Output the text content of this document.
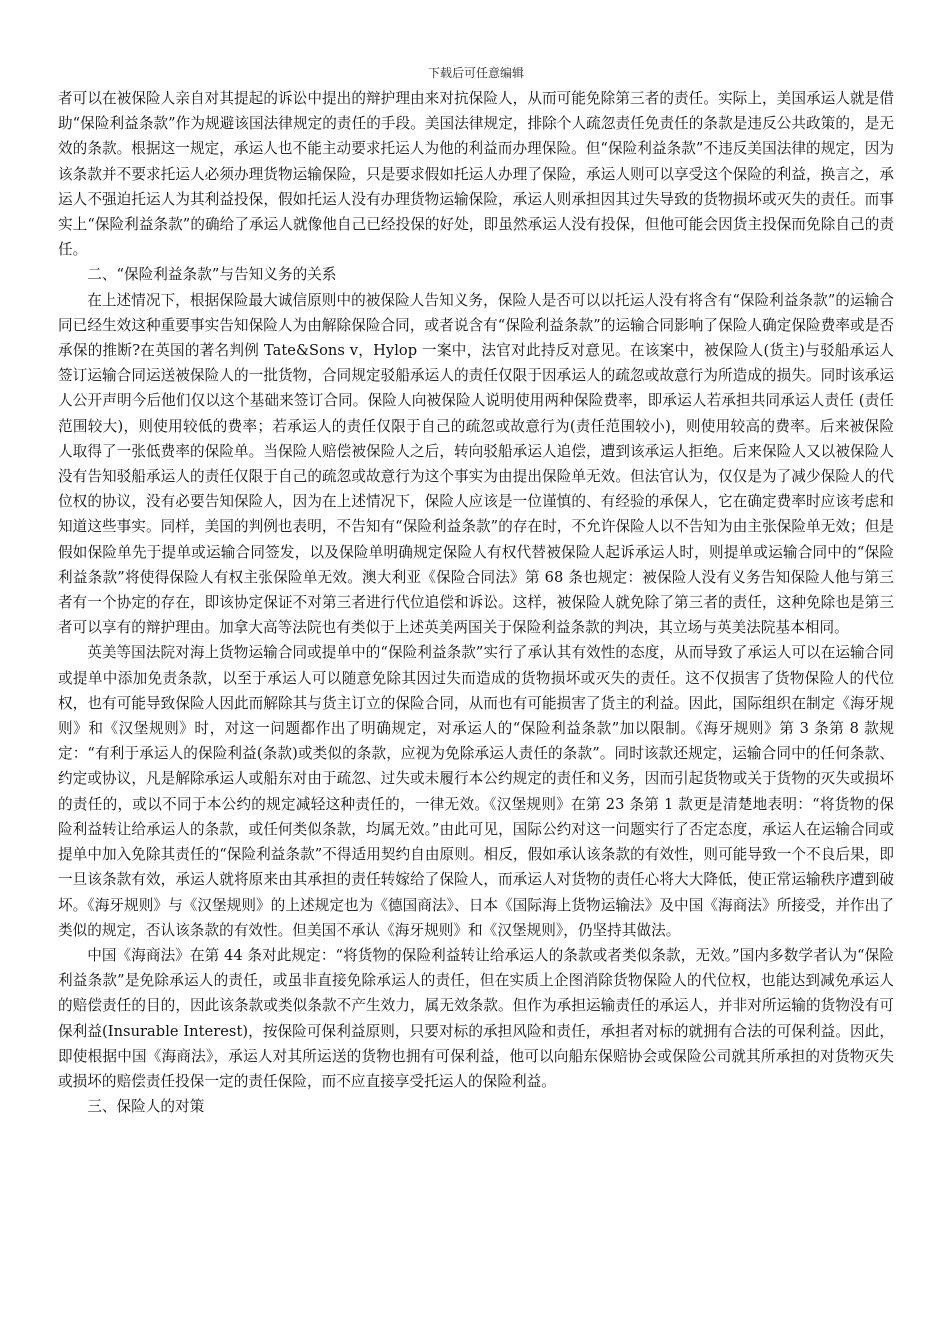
下载后可任意编辑

者可以在被保险人亲自对其提起的诉讼中提出的辩护理由来对抗保险人，从而可能免除第三者的责任。实际上，美国承运人就是借助“保险利益条款”作为规避该国法律规定的责任的手段。美国法律规定，排除个人疏忽责任免责任的条款是违反公共政策的，是无效的条款。根据这一规定，承运人也不能主动要求托运人为他的利益而办理保险。但“保险利益条款”不违反美国法律的规定，因为该条款并不要求托运人必须办理货物运输保险，只是要求假如托运人办理了保险，承运人则可以享受这个保险的利益，换言之，承运人不强迫托运人为其利益投保，假如托运人没有办理货物运输保险，承运人则承担因其过失导致的货物损坏或灭失的责任。而事实上“保险利益条款”的确给了承运人就像他自己已经投保的好处，即虽然承运人没有投保，但他可能会因货主投保而免除自己的责任。

二、“保险利益条款”与告知义务的关系

在上述情况下，根据保险最大诚信原则中的被保险人告知义务，保险人是否可以以托运人没有将含有“保险利益条款”的运输合同已经生效这种重要事实告知保险人为由解除保险合同，或者说含有“保险利益条款”的运输合同影响了保险人确定保险费率或是否承保的推断?在英国的著名判例 Tate&Sons v，Hylop 一案中，法官对此持反对意见。在该案中，被保险人(货主)与驳船承运人签订运输合同运送被保险人的一批货物，合同规定驳船承运人的责任仅限于因承运人的疏忽或故意行为所造成的损失。同时该承运人公开声明今后他们仅以这个基础来签订合同。保险人向被保险人说明使用两种保险费率，即承运人若承担共同承运人责任 (责任范围较大)，则使用较低的费率；若承运人的责任仅限于自己的疏忽或故意行为(责任范围较小)，则使用较高的费率。后来被保险人取得了一张低费率的保险单。当保险人赔偿被保险人之后，转向驳船承运人追偿，遭到该承运人拒绝。后来保险人又以被保险人没有告知驳船承运人的责任仅限于自己的疏忽或故意行为这个事实为由提出保险单无效。但法官认为，仅仅是为了减少保险人的代位权的协议，没有必要告知保险人，因为在上述情况下，保险人应该是一位谨慎的、有经验的承保人，它在确定费率时应该考虑和知道这些事实。同样，美国的判例也表明，不告知有“保险利益条款”的存在时，不允许保险人以不告知为由主张保险单无效；但是假如保险单先于提单或运输合同签发，以及保险单明确规定保险人有权代替被保险人起诉承运人时，则提单或运输合同中的“保险利益条款”将使得保险人有权主张保险单无效。澳大利亚《保险合同法》第 68 条也规定：被保险人没有义务告知保险人他与第三者有一个协定的存在，即该协定保证不对第三者进行代位追偿和诉讼。这样，被保险人就免除了第三者的责任，这种免除也是第三者可以享有的辩护理由。加拿大高等法院也有类似于上述英美两国关于保险利益条款的判决，其立场与英美法院基本相同。

英美等国法院对海上货物运输合同或提单中的“保险利益条款”实行了承认其有效性的态度，从而导致了承运人可以在运输合同或提单中添加免责条款，以至于承运人可以随意免除其因过失而造成的货物损坏或灭失的责任。这不仅损害了货物保险人的代位权，也有可能导致保险人因此而解除其与货主订立的保险合同，从而也有可能损害了货主的利益。因此，国际组织在制定《海牙规则》和《汉堡规则》时，对这一问题都作出了明确规定，对承运人的“保险利益条款”加以限制。《海牙规则》第 3 条第 8 款规定：“有利于承运人的保险利益(条款)或类似的条款，应视为免除承运人责任的条款”。同时该款还规定，运输合同中的任何条款、约定或协议，凡是解除承运人或船东对由于疏忽、过失或未履行本公约规定的责任和义务，因而引起货物或关于货物的灭失或损坏的责任的，或以不同于本公约的规定减轻这种责任的，一律无效。《汉堡规则》在第 23 条第 1 款更是清楚地表明：“将货物的保险利益转让给承运人的条款，或任何类似条款，均属无效。”由此可见，国际公约对这一问题实行了否定态度，承运人在运输合同或提单中加入免除其责任的“保险利益条款”不得适用契约自由原则。相反，假如承认该条款的有效性，则可能导致一个不良后果，即一旦该条款有效，承运人就将原来由其承担的责任转嫁给了保险人，而承运人对货物的责任心将大大降低，使正常运输秩序遭到破坏。《海牙规则》与《汉堡规则》的上述规定也为《德国商法》、日本《国际海上货物运输法》及中国《海商法》所接受，并作出了类似的规定，否认该条款的有效性。但美国不承认《海牙规则》和《汉堡规则》，仍坚持其做法。

中国《海商法》在第 44 条对此规定：“将货物的保险利益转让给承运人的条款或者类似条款，无效。”国内多数学者认为“保险利益条款”是免除承运人的责任，或虽非直接免除承运人的责任，但在实质上企图消除货物保险人的代位权，也能达到减免承运人的赔偿责任的目的，因此该条款或类似条款不产生效力，属无效条款。但作为承担运输责任的承运人，并非对所运输的货物没有可保利益(Insurable Interest)，按保险可保利益原则，只要对标的承担风险和责任，承担者对标的就拥有合法的可保利益。因此，即使根据中国《海商法》，承运人对其所运送的货物也拥有可保利益，他可以向船东保赔协会或保险公司就其所承担的对货物灭失或损坏的赔偿责任投保一定的责任保险，而不应直接享受托运人的保险利益。

三、保险人的对策
